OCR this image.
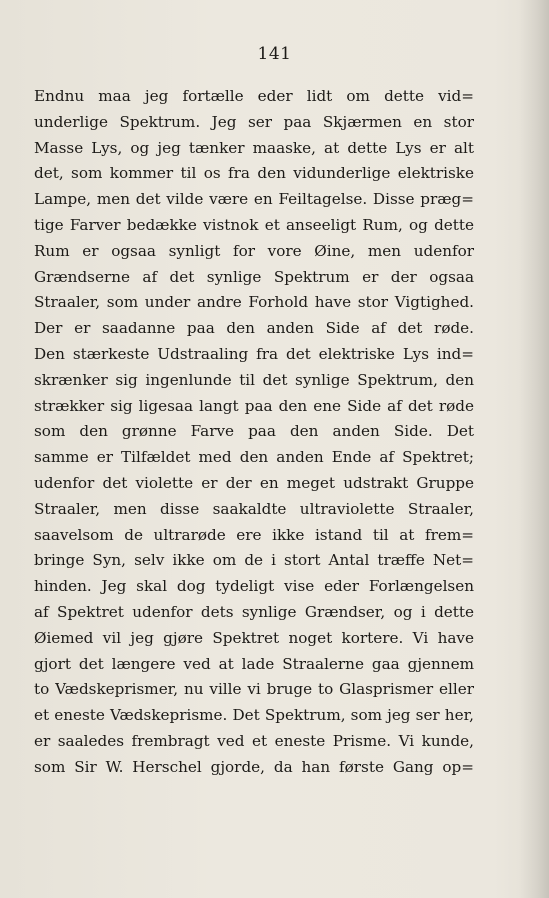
141
Endnu maa jeg fortælle eder lidt om dette vid=
underlige Spektrum. Jeg ser paa Skjærmen en stor
Masse Lys, og jeg tænker maaske, at dette Lys er alt
det, som kommer til os fra den vidunderlige elektriske
Lampe, men det vilde være en Feiltagelse. Disse præg=
tige Farver bedække vistnok et anseeligt Rum, og dette
Rum er ogsaa synligt for vore Øine, men udenfor
Grændserne af det synlige Spektrum er der ogsaa
Straaler, som under andre Forhold have stor Vigtighed.
Der er saadanne paa den anden Side af det røde.
Den stærkeste Udstraaling fra det elektriske Lys ind=
skrænker sig ingenlunde til det synlige Spektrum, den
strækker sig ligesaa langt paa den ene Side af det røde
som den grønne Farve paa den anden Side. Det
samme er Tilfældet med den anden Ende af Spektret;
udenfor det violette er der en meget udstrakt Gruppe
Straaler, men disse saakaldte ultraviolette Straaler,
saavelsom de ultrarøde ere ikke istand til at frem=
bringe Syn, selv ikke om de i stort Antal træffe Net=
hinden. Jeg skal dog tydeligt vise eder Forlængelsen
af Spektret udenfor dets synlige Grændser, og i dette
Øiemed vil jeg gjøre Spektret noget kortere. Vi have
gjort det længere ved at lade Straalerne gaa gjennem
to Vædskeprismer, nu ville vi bruge to Glasprismer eller
et eneste Vædskeprisme. Det Spektrum, som jeg ser her,
er saaledes frembragt ved et eneste Prisme. Vi kunde,
som Sir W. Herschel gjorde, da han første Gang op=
